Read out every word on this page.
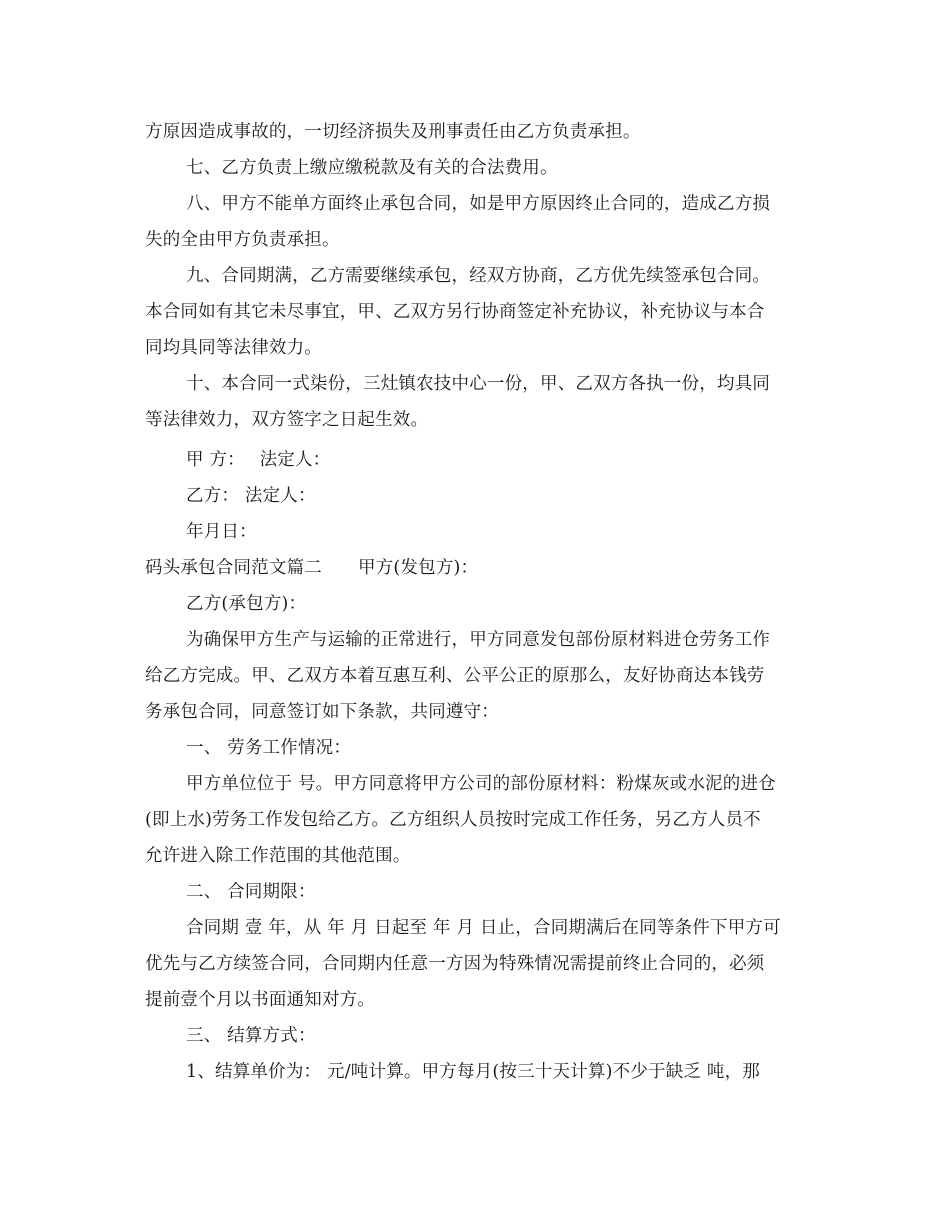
方原因造成事故的，一切经济损失及刑事责任由乙方负责承担。
七、乙方负责上缴应缴税款及有关的合法费用。
八、甲方不能单方面终止承包合同，如是甲方原因终止合同的，造成乙方损
失的全由甲方负责承担。
九、合同期满，乙方需要继续承包，经双方协商，乙方优先续签承包合同。
本合同如有其它未尽事宜，甲、乙双方另行协商签定补充协议，补充协议与本合
同均具同等法律效力。
十、本合同一式柒份，三灶镇农技中心一份，甲、乙双方各执一份，均具同
等法律效力，双方签字之日起生效。
甲 方：　 法定人：
乙方： 法定人：
年月日：
码头承包合同范文篇二 甲方(发包方)：
乙方(承包方)：
为确保甲方生产与运输的正常进行，甲方同意发包部份原材料进仓劳务工作
给乙方完成。甲、乙双方本着互惠互利、公平公正的原那么，友好协商达本钱劳
务承包合同，同意签订如下条款，共同遵守：
一、 劳务工作情况：
甲方单位位于 号。甲方同意将甲方公司的部份原材料：粉煤灰或水泥的进仓
(即上水)劳务工作发包给乙方。乙方组织人员按时完成工作任务，另乙方人员不
允许进入除工作范围的其他范围。
二、 合同期限：
合同期 壹 年，从 年 月 日起至 年 月 日止，合同期满后在同等条件下甲方可
优先与乙方续签合同，合同期内任意一方因为特殊情况需提前终止合同的，必须
提前壹个月以书面通知对方。
三、 结算方式：
1、结算单价为： 元/吨计算。甲方每月(按三十天计算)不少于缺乏 吨，那
